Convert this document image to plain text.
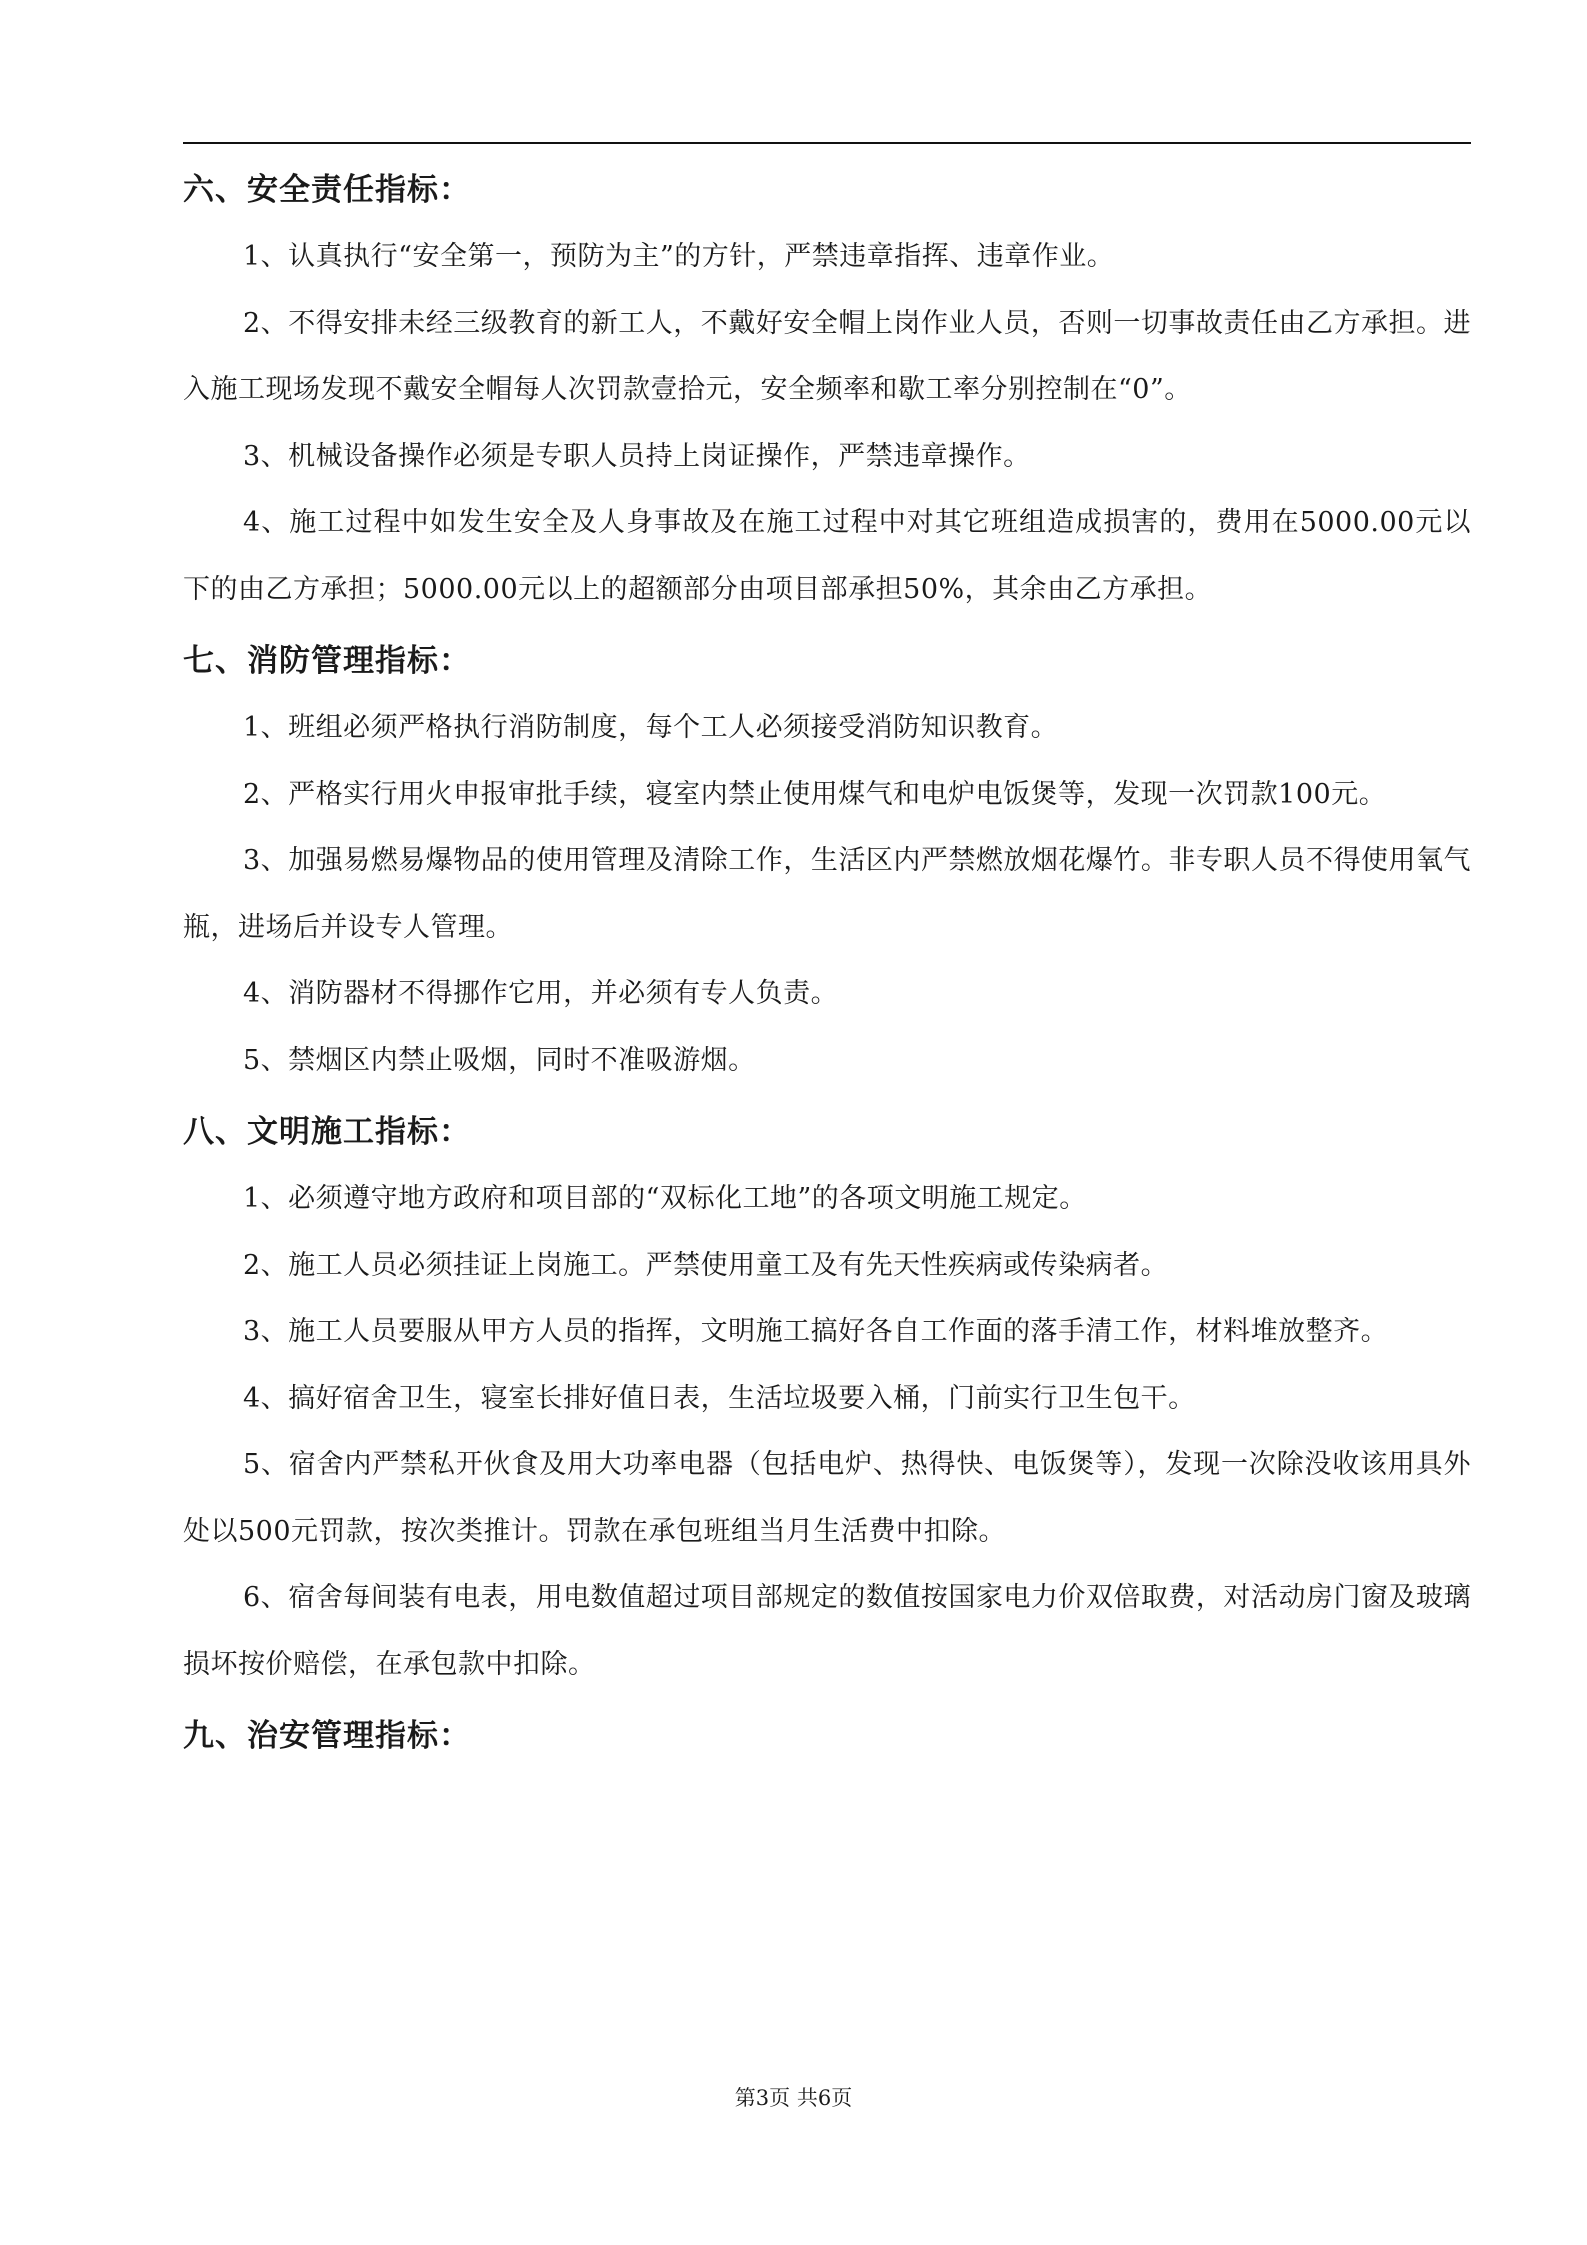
六、安全责任指标：

1、认真执行“安全第一，预防为主”的方针，严禁违章指挥、违章作业。

2、不得安排未经三级教育的新工人，不戴好安全帽上岗作业人员，否则一切事故责任由乙方承担。进入施工现场发现不戴安全帽每人次罚款壹拾元，安全频率和歇工率分别控制在“0”。

3、机械设备操作必须是专职人员持上岗证操作，严禁违章操作。

4、施工过程中如发生安全及人身事故及在施工过程中对其它班组造成损害的，费用在5000.00元以下的由乙方承担；5000.00元以上的超额部分由项目部承担50%，其余由乙方承担。

七、消防管理指标：

1、班组必须严格执行消防制度，每个工人必须接受消防知识教育。

2、严格实行用火申报审批手续，寝室内禁止使用煤气和电炉电饭煲等，发现一次罚款100元。

3、加强易燃易爆物品的使用管理及清除工作，生活区内严禁燃放烟花爆竹。非专职人员不得使用氧气瓶，进场后并设专人管理。

4、消防器材不得挪作它用，并必须有专人负责。

5、禁烟区内禁止吸烟，同时不准吸游烟。

八、文明施工指标：

1、必须遵守地方政府和项目部的“双标化工地”的各项文明施工规定。

2、施工人员必须挂证上岗施工。严禁使用童工及有先天性疾病或传染病者。

3、施工人员要服从甲方人员的指挥，文明施工搞好各自工作面的落手清工作，材料堆放整齐。

4、搞好宿舍卫生，寝室长排好值日表，生活垃圾要入桶，门前实行卫生包干。

5、宿舍内严禁私开伙食及用大功率电器（包括电炉、热得快、电饭煲等），发现一次除没收该用具外处以500元罚款，按次类推计。罚款在承包班组当月生活费中扣除。

6、宿舍每间装有电表，用电数值超过项目部规定的数值按国家电力价双倍取费，对活动房门窗及玻璃损坏按价赔偿，在承包款中扣除。

九、治安管理指标：
第3页 共6页
